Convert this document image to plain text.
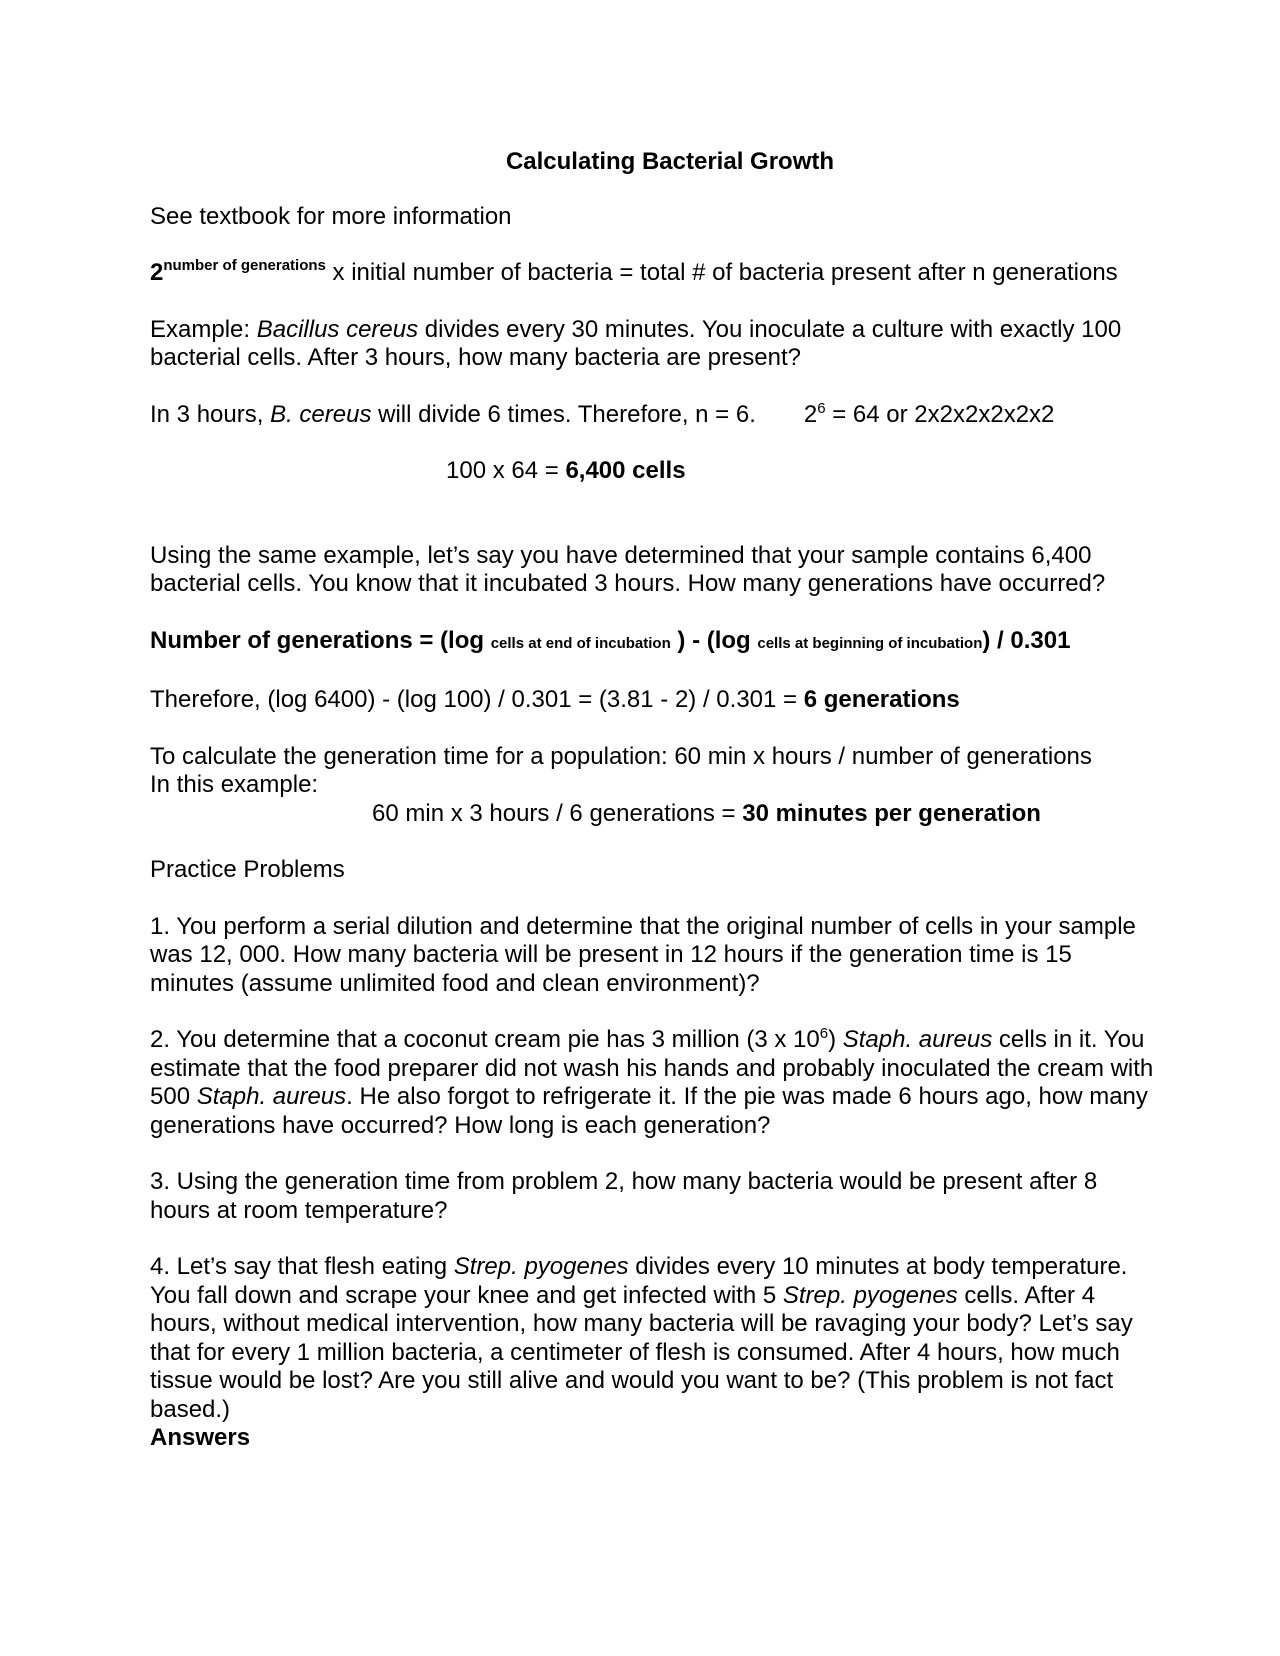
Calculating Bacterial Growth

See textbook for more information

$2^{number of generations}$ x initial number of bacteria = total # of bacteria present after n generations

Example: Bacillus cereus divides every 30 minutes. You inoculate a culture with exactly 100 bacterial cells. After 3 hours, how many bacteria are present?

In 3 hours, B. cereus will divide 6 times. Therefore, n = 6. $2^6 = 64$ or 2x2x2x2x2x2

100 x 64 = 6,400 cells

Using the same example, let’s say you have determined that your sample contains 6,400 bacterial cells. You know that it incubated 3 hours. How many generations have occurred?

Number of generations = (log cells at end of incubation ) - (log cells at beginning of incubation) / 0.301

Therefore, (log 6400) - (log 100) / 0.301 = (3.81 - 2) / 0.301 = 6 generations

To calculate the generation time for a population: 60 min x hours / number of generations
In this example:
60 min x 3 hours / 6 generations = 30 minutes per generation

Practice Problems

1. You perform a serial dilution and determine that the original number of cells in your sample was 12, 000. How many bacteria will be present in 12 hours if the generation time is 15 minutes (assume unlimited food and clean environment)?

2. You determine that a coconut cream pie has 3 million (3 x $10^6$) Staph. aureus cells in it. You estimate that the food preparer did not wash his hands and probably inoculated the cream with 500 Staph. aureus. He also forgot to refrigerate it. If the pie was made 6 hours ago, how many generations have occurred? How long is each generation?

3. Using the generation time from problem 2, how many bacteria would be present after 8 hours at room temperature?

4. Let’s say that flesh eating Strep. pyogenes divides every 10 minutes at body temperature. You fall down and scrape your knee and get infected with 5 Strep. pyogenes cells. After 4 hours, without medical intervention, how many bacteria will be ravaging your body? Let’s say that for every 1 million bacteria, a centimeter of flesh is consumed. After 4 hours, how much tissue would be lost? Are you still alive and would you want to be? (This problem is not fact based.)

Answers
